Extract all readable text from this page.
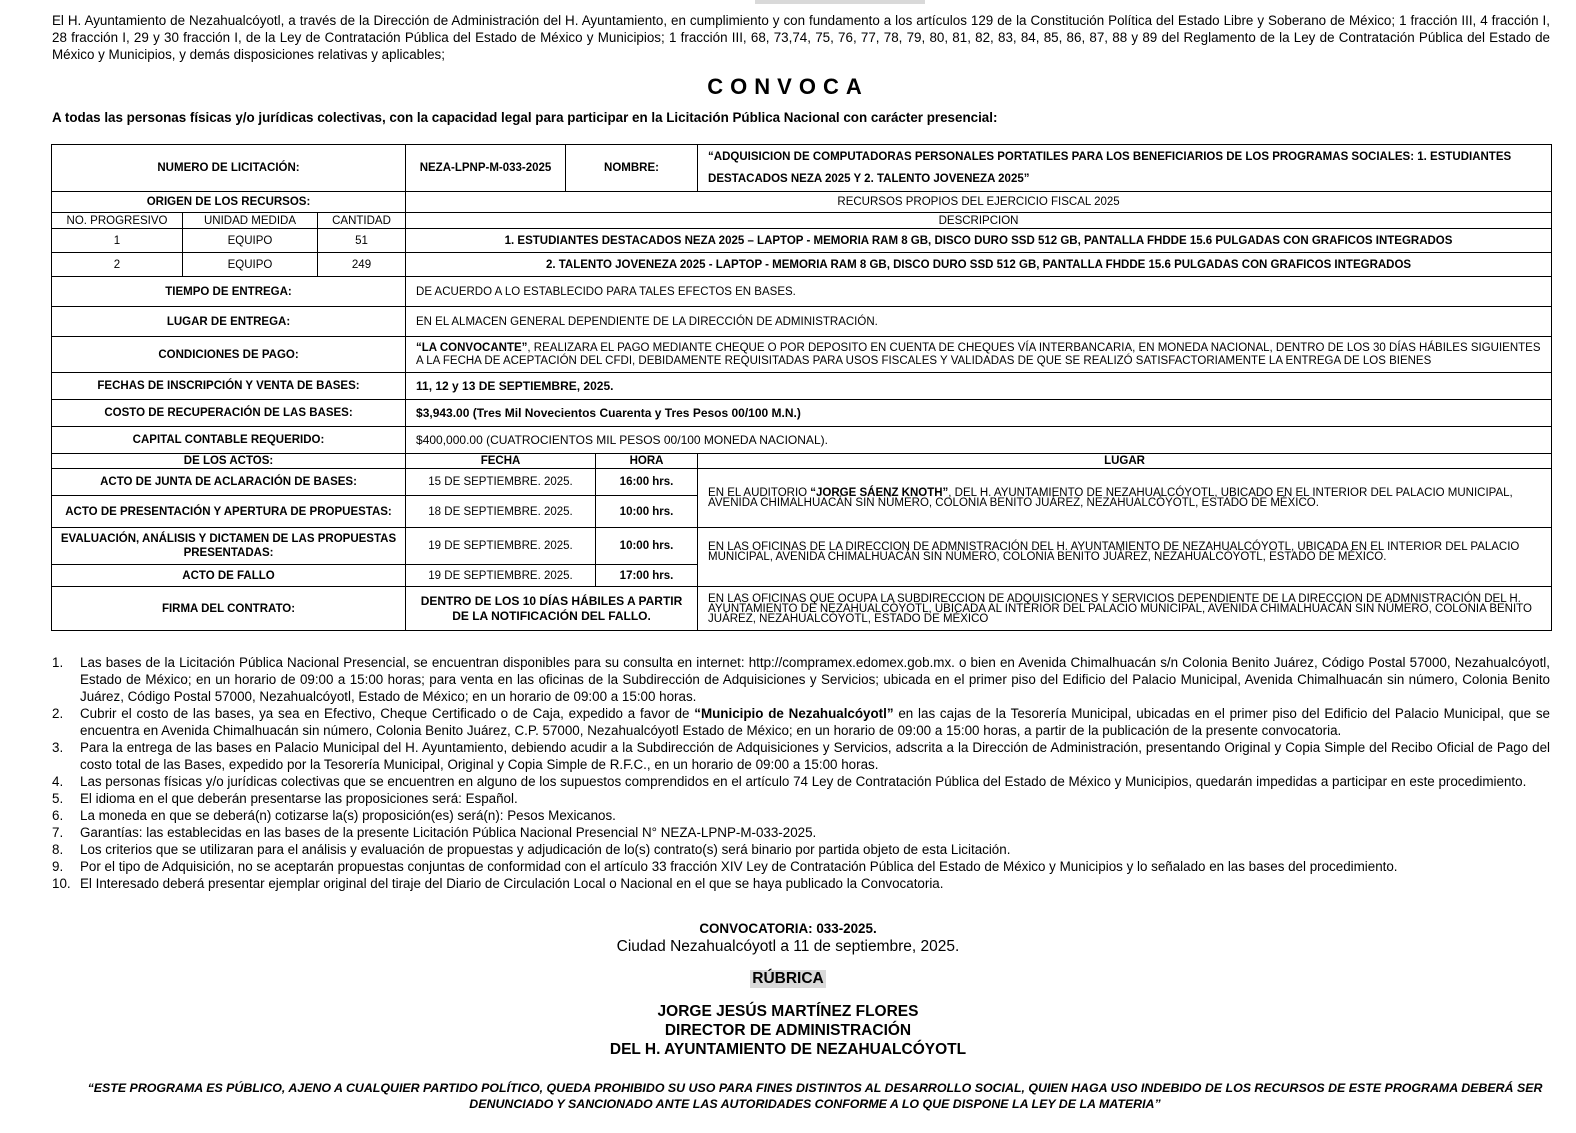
El H. Ayuntamiento de Nezahualcóyotl, a través de la Dirección de Administración del H. Ayuntamiento, en cumplimiento y con fundamento a los artículos 129 de la Constitución Política del Estado Libre y Soberano de México; 1 fracción III, 4 fracción I, 28 fracción I, 29 y 30 fracción I, de la Ley de Contratación Pública del Estado de México y Municipios; 1 fracción III, 68, 73,74, 75, 76, 77, 78, 79, 80, 81, 82, 83, 84, 85, 86, 87, 88 y 89 del Reglamento de la Ley de Contratación Pública del Estado de México y Municipios, y demás disposiciones relativas y aplicables;
CONVOCA
A todas las personas físicas y/o jurídicas colectivas, con la capacidad legal para participar en la Licitación Pública Nacional con carácter presencial:
NUMERO DE LICITACIÓN:			NEZA-LPNP-M-033-2025	NOMBRE:		“ADQUISICION DE COMPUTADORAS PERSONALES PORTATILES PARA LOS BENEFICIARIOS DE LOS PROGRAMAS SOCIALES: 1. ESTUDIANTES DESTACADOS NEZA 2025 Y 2. TALENTO JOVENEZA 2025”
ORIGEN DE LOS RECURSOS:			RECURSOS PROPIOS DEL EJERCICIO FISCAL 2025			
NO. PROGRESIVO	UNIDAD MEDIDA	CANTIDAD	DESCRIPCION			
1	EQUIPO	51	1. ESTUDIANTES DESTACADOS NEZA 2025 – LAPTOP - MEMORIA RAM 8 GB, DISCO DURO SSD 512 GB, PANTALLA FHDDE 15.6 PULGADAS CON GRAFICOS INTEGRADOS			
2	EQUIPO	249	2. TALENTO JOVENEZA 2025 - LAPTOP - MEMORIA RAM 8 GB, DISCO DURO SSD 512 GB, PANTALLA FHDDE 15.6 PULGADAS CON GRAFICOS INTEGRADOS			
TIEMPO DE ENTREGA:			DE ACUERDO A LO ESTABLECIDO PARA TALES EFECTOS EN BASES.			
LUGAR DE ENTREGA:			EN EL ALMACEN GENERAL DEPENDIENTE DE LA DIRECCIÓN DE ADMINISTRACIÓN.			
CONDICIONES DE PAGO:			“LA CONVOCANTE”, REALIZARA EL PAGO MEDIANTE CHEQUE O POR DEPOSITO EN CUENTA DE CHEQUES VÍA INTERBANCARIA, EN MONEDA NACIONAL, DENTRO DE LOS 30 DÍAS HÁBILES SIGUIENTES A LA FECHA DE ACEPTACIÓN DEL CFDI, DEBIDAMENTE REQUISITADAS PARA USOS FISCALES Y VALIDADAS DE QUE SE REALIZÓ SATISFACTORIAMENTE LA ENTREGA DE LOS BIENES			
FECHAS DE INSCRIPCIÓN Y VENTA DE BASES:			11, 12 y 13 DE SEPTIEMBRE, 2025.			
COSTO DE RECUPERACIÓN DE LAS BASES:			$3,943.00 (Tres Mil Novecientos Cuarenta y Tres Pesos 00/100 M.N.)			
CAPITAL CONTABLE REQUERIDO:			$400,000.00 (CUATROCIENTOS MIL PESOS 00/100 MONEDA NACIONAL).			
DE LOS ACTOS:			FECHA		HORA	LUGAR
ACTO DE JUNTA DE ACLARACIÓN DE BASES:			15 DE SEPTIEMBRE. 2025.		16:00 hrs.	EN EL AUDITORIO “JORGE SÁENZ KNOTH”, DEL H. AYUNTAMIENTO DE NEZAHUALCÓYOTL, UBICADO EN EL INTERIOR DEL PALACIO MUNICIPAL, AVENIDA CHIMALHUACÁN SIN NÚMERO, COLONIA BENITO JUÁREZ, NEZAHUALCÓYOTL, ESTADO DE MÉXICO.
ACTO DE PRESENTACIÓN Y APERTURA DE PROPUESTAS:			18 DE SEPTIEMBRE. 2025.		10:00 hrs.	
EVALUACIÓN, ANÁLISIS Y DICTAMEN DE LAS PROPUESTAS PRESENTADAS:			19 DE SEPTIEMBRE. 2025.		10:00 hrs.	EN LAS OFICINAS DE LA DIRECCION DE ADMNISTRACIÓN DEL H. AYUNTAMIENTO DE NEZAHUALCÓYOTL, UBICADA EN EL INTERIOR DEL PALACIO MUNICIPAL, AVENIDA CHIMALHUACÁN SIN NÚMERO, COLONIA BENITO JUÁREZ, NEZAHUALCÓYOTL, ESTADO DE MÉXICO.
ACTO DE FALLO			19 DE SEPTIEMBRE. 2025.		17:00 hrs.	
FIRMA DEL CONTRATO:			DENTRO DE LOS 10 DÍAS HÁBILES A PARTIR DE LA NOTIFICACIÓN DEL FALLO.			EN LAS OFICINAS QUE OCUPA LA SUBDIRECCION DE ADQUISICIONES Y SERVICIOS DEPENDIENTE DE LA DIRECCION DE ADMNISTRACIÓN DEL H. AYUNTAMIENTO DE NEZAHUALCÓYOTL, UBICADA AL INTERIOR DEL PALACIO MUNICIPAL, AVENIDA CHIMALHUACÁN SIN NÚMERO, COLONIA BENITO JUÁREZ, NEZAHUALCÓYOTL, ESTADO DE MÉXICO
1. Las bases de la Licitación Pública Nacional Presencial, se encuentran disponibles para su consulta en internet: http://compramex.edomex.gob.mx. o bien en Avenida Chimalhuacán s/n Colonia Benito Juárez, Código Postal 57000, Nezahualcóyotl, Estado de México; en un horario de 09:00 a 15:00 horas; para venta en las oficinas de la Subdirección de Adquisiciones y Servicios; ubicada en el primer piso del Edificio del Palacio Municipal, Avenida Chimalhuacán sin número, Colonia Benito Juárez, Código Postal 57000, Nezahualcóyotl, Estado de México; en un horario de 09:00 a 15:00 horas.
2. Cubrir el costo de las bases, ya sea en Efectivo, Cheque Certificado o de Caja, expedido a favor de “Municipio de Nezahualcóyotl” en las cajas de la Tesorería Municipal, ubicadas en el primer piso del Edificio del Palacio Municipal, que se encuentra en Avenida Chimalhuacán sin número, Colonia Benito Juárez, C.P. 57000, Nezahualcóyotl Estado de México; en un horario de 09:00 a 15:00 horas, a partir de la publicación de la presente convocatoria.
3. Para la entrega de las bases en Palacio Municipal del H. Ayuntamiento, debiendo acudir a la Subdirección de Adquisiciones y Servicios, adscrita a la Dirección de Administración, presentando Original y Copia Simple del Recibo Oficial de Pago del costo total de las Bases, expedido por la Tesorería Municipal, Original y Copia Simple de R.F.C., en un horario de 09:00 a 15:00 horas.
4. Las personas físicas y/o jurídicas colectivas que se encuentren en alguno de los supuestos comprendidos en el artículo 74 Ley de Contratación Pública del Estado de México y Municipios, quedarán impedidas a participar en este procedimiento.
5. El idioma en el que deberán presentarse las proposiciones será: Español.
6. La moneda en que se deberá(n) cotizarse la(s) proposición(es) será(n): Pesos Mexicanos.
7. Garantías: las establecidas en las bases de la presente Licitación Pública Nacional Presencial N° NEZA-LPNP-M-033-2025.
8. Los criterios que se utilizaran para el análisis y evaluación de propuestas y adjudicación de lo(s) contrato(s) será binario por partida objeto de esta Licitación.
9. Por el tipo de Adquisición, no se aceptarán propuestas conjuntas de conformidad con el artículo 33 fracción XIV Ley de Contratación Pública del Estado de México y Municipios y lo señalado en las bases del procedimiento.
10. El Interesado deberá presentar ejemplar original del tiraje del Diario de Circulación Local o Nacional en el que se haya publicado la Convocatoria.
CONVOCATORIA: 033-2025.
Ciudad Nezahualcóyotl a 11 de septiembre, 2025.
RÚBRICA
JORGE JESÚS MARTÍNEZ FLORES
DIRECTOR DE ADMINISTRACIÓN
DEL H. AYUNTAMIENTO DE NEZAHUALCÓYOTL
“ESTE PROGRAMA ES PÚBLICO, AJENO A CUALQUIER PARTIDO POLÍTICO, QUEDA PROHIBIDO SU USO PARA FINES DISTINTOS AL DESARROLLO SOCIAL, QUIEN HAGA USO INDEBIDO DE LOS RECURSOS DE ESTE PROGRAMA DEBERÁ SER DENUNCIADO Y SANCIONADO ANTE LAS AUTORIDADES CONFORME A LO QUE DISPONE LA LEY DE LA MATERIA”
